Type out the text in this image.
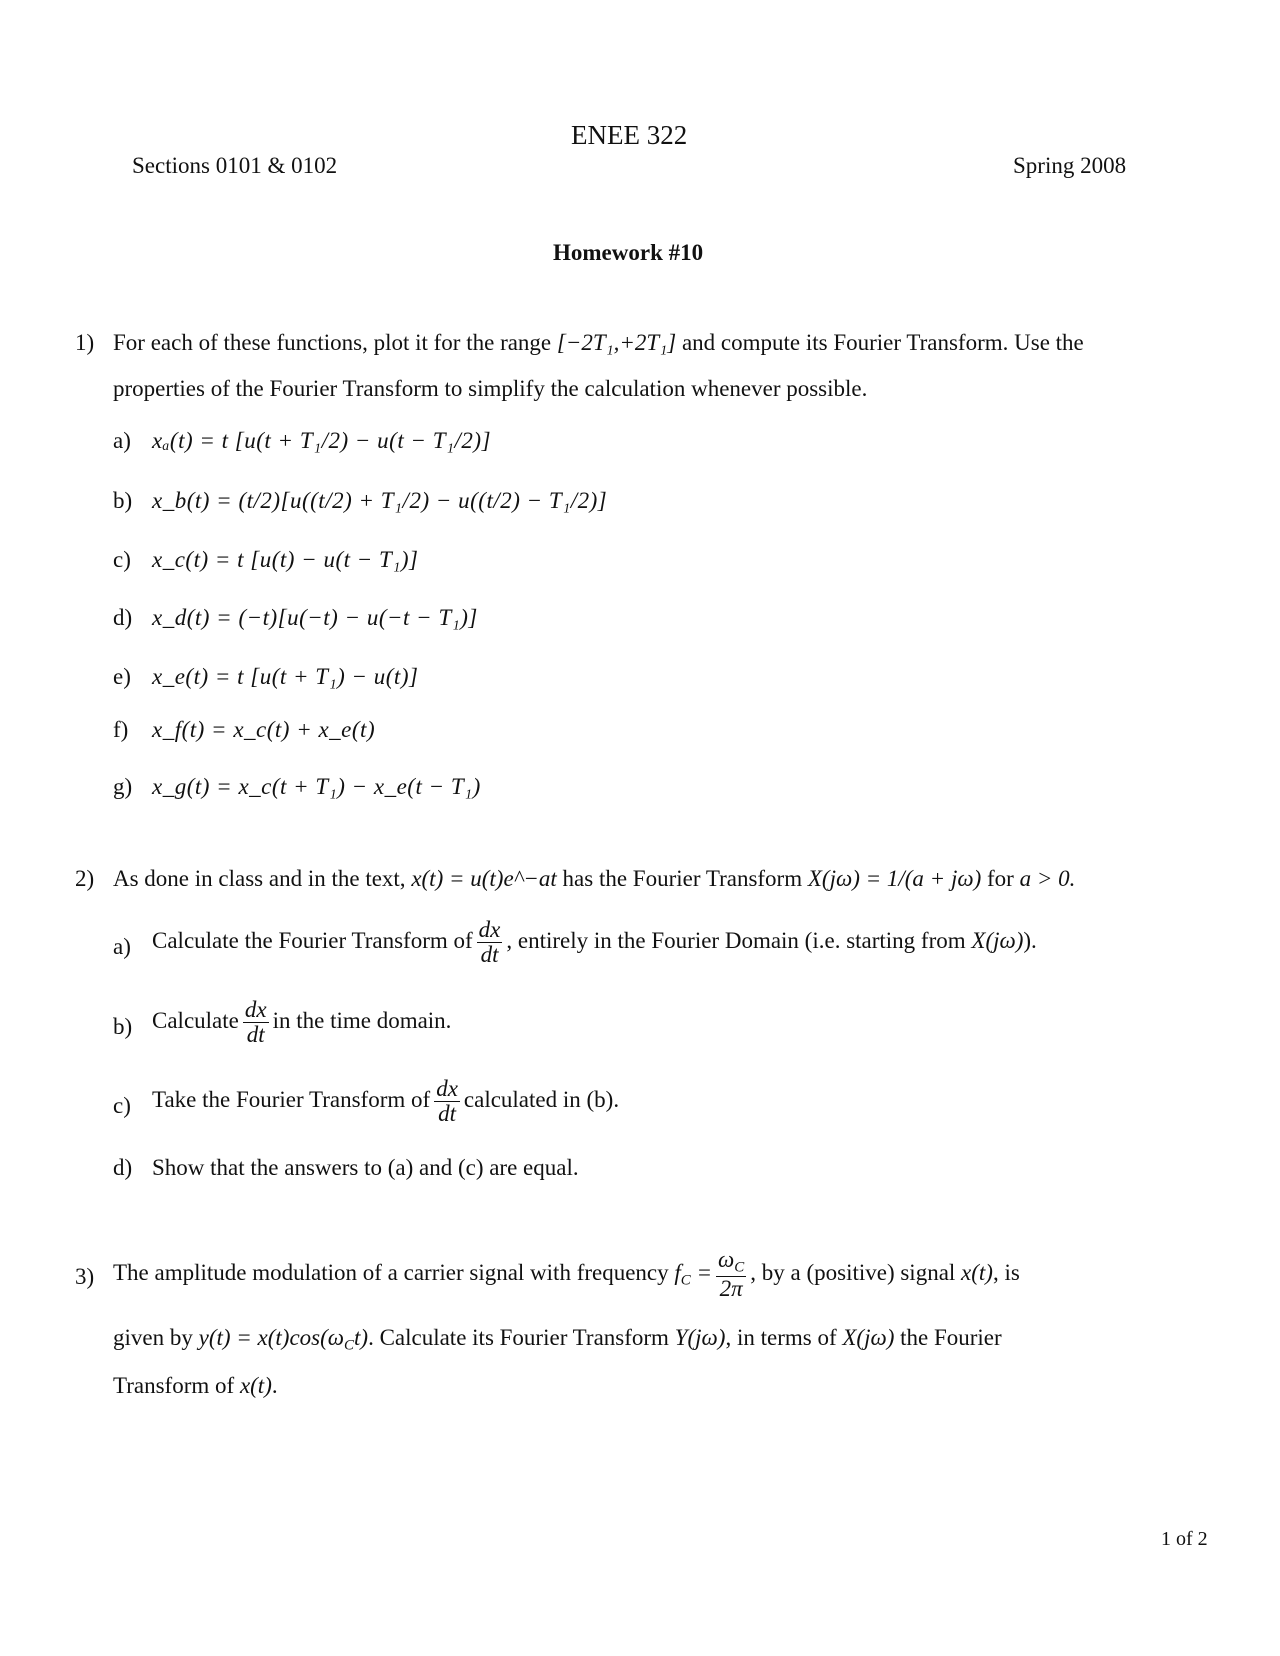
ENEE 322
Sections 0101 & 0102	Spring 2008
Homework #10
1) For each of these functions, plot it for the range [−2T₁,+2T₁] and compute its Fourier Transform. Use the
properties of the Fourier Transform to simplify the calculation whenever possible.
a) xₐ(t) = t [u(t + T₁/2) − u(t − T₁/2)]
b) x_b(t) = (t/2)[u((t/2) + T₁/2) − u((t/2) − T₁/2)]
c) x_c(t) = t [u(t) − u(t − T₁)]
d) x_d(t) = (−t)[u(−t) − u(−t − T₁)]
e) x_e(t) = t [u(t + T₁) − u(t)]
f) x_f(t) = x_c(t) + x_e(t)
g) x_g(t) = x_c(t + T₁) − x_e(t − T₁)
2) As done in class and in the text, x(t) = u(t)e^−at has the Fourier Transform X(jω) = 1/(a + jω) for a > 0.
a) Calculate the Fourier Transform of $\frac{dx}{dt}$ , entirely in the Fourier Domain (i.e. starting from X(jω)).
b) Calculate $\frac{dx}{dt}$ in the time domain.
c) Take the Fourier Transform of $\frac{dx}{dt}$ calculated in (b).
d) Show that the answers to (a) and (c) are equal.
3) The amplitude modulation of a carrier signal with frequency $f_C = \frac{\omega_C}{2\pi}$ , by a (positive) signal x(t), is
given by $y(t) = x(t)\cos(\omega_Ct)$. Calculate its Fourier Transform Y(jω), in terms of X(jω) the Fourier
Transform of x(t).
1 of 2
